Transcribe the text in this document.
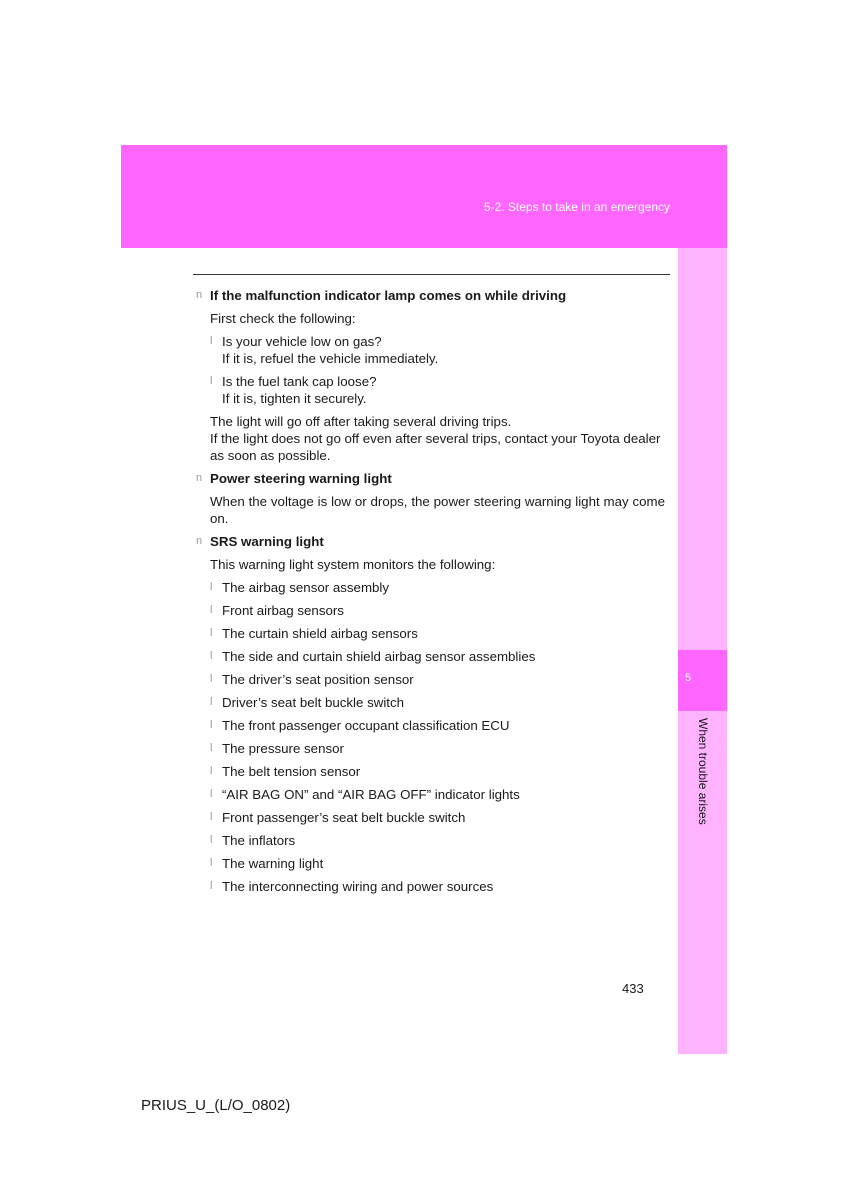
5-2. Steps to take in an emergency
5
When trouble arises
n If the malfunction indicator lamp comes on while driving
First check the following:
l Is your vehicle low on gas?
If it is, refuel the vehicle immediately.
l Is the fuel tank cap loose?
If it is, tighten it securely.
The light will go off after taking several driving trips.
If the light does not go off even after several trips, contact your Toyota dealer as soon as possible.
n Power steering warning light
When the voltage is low or drops, the power steering warning light may come on.
n SRS warning light
This warning light system monitors the following:
l The airbag sensor assembly
l Front airbag sensors
l The curtain shield airbag sensors
l The side and curtain shield airbag sensor assemblies
l The driver’s seat position sensor
l Driver’s seat belt buckle switch
l The front passenger occupant classification ECU
l The pressure sensor
l The belt tension sensor
l “AIR BAG ON” and “AIR BAG OFF” indicator lights
l Front passenger’s seat belt buckle switch
l The inflators
l The warning light
l The interconnecting wiring and power sources
433
PRIUS_U_(L/O_0802)
